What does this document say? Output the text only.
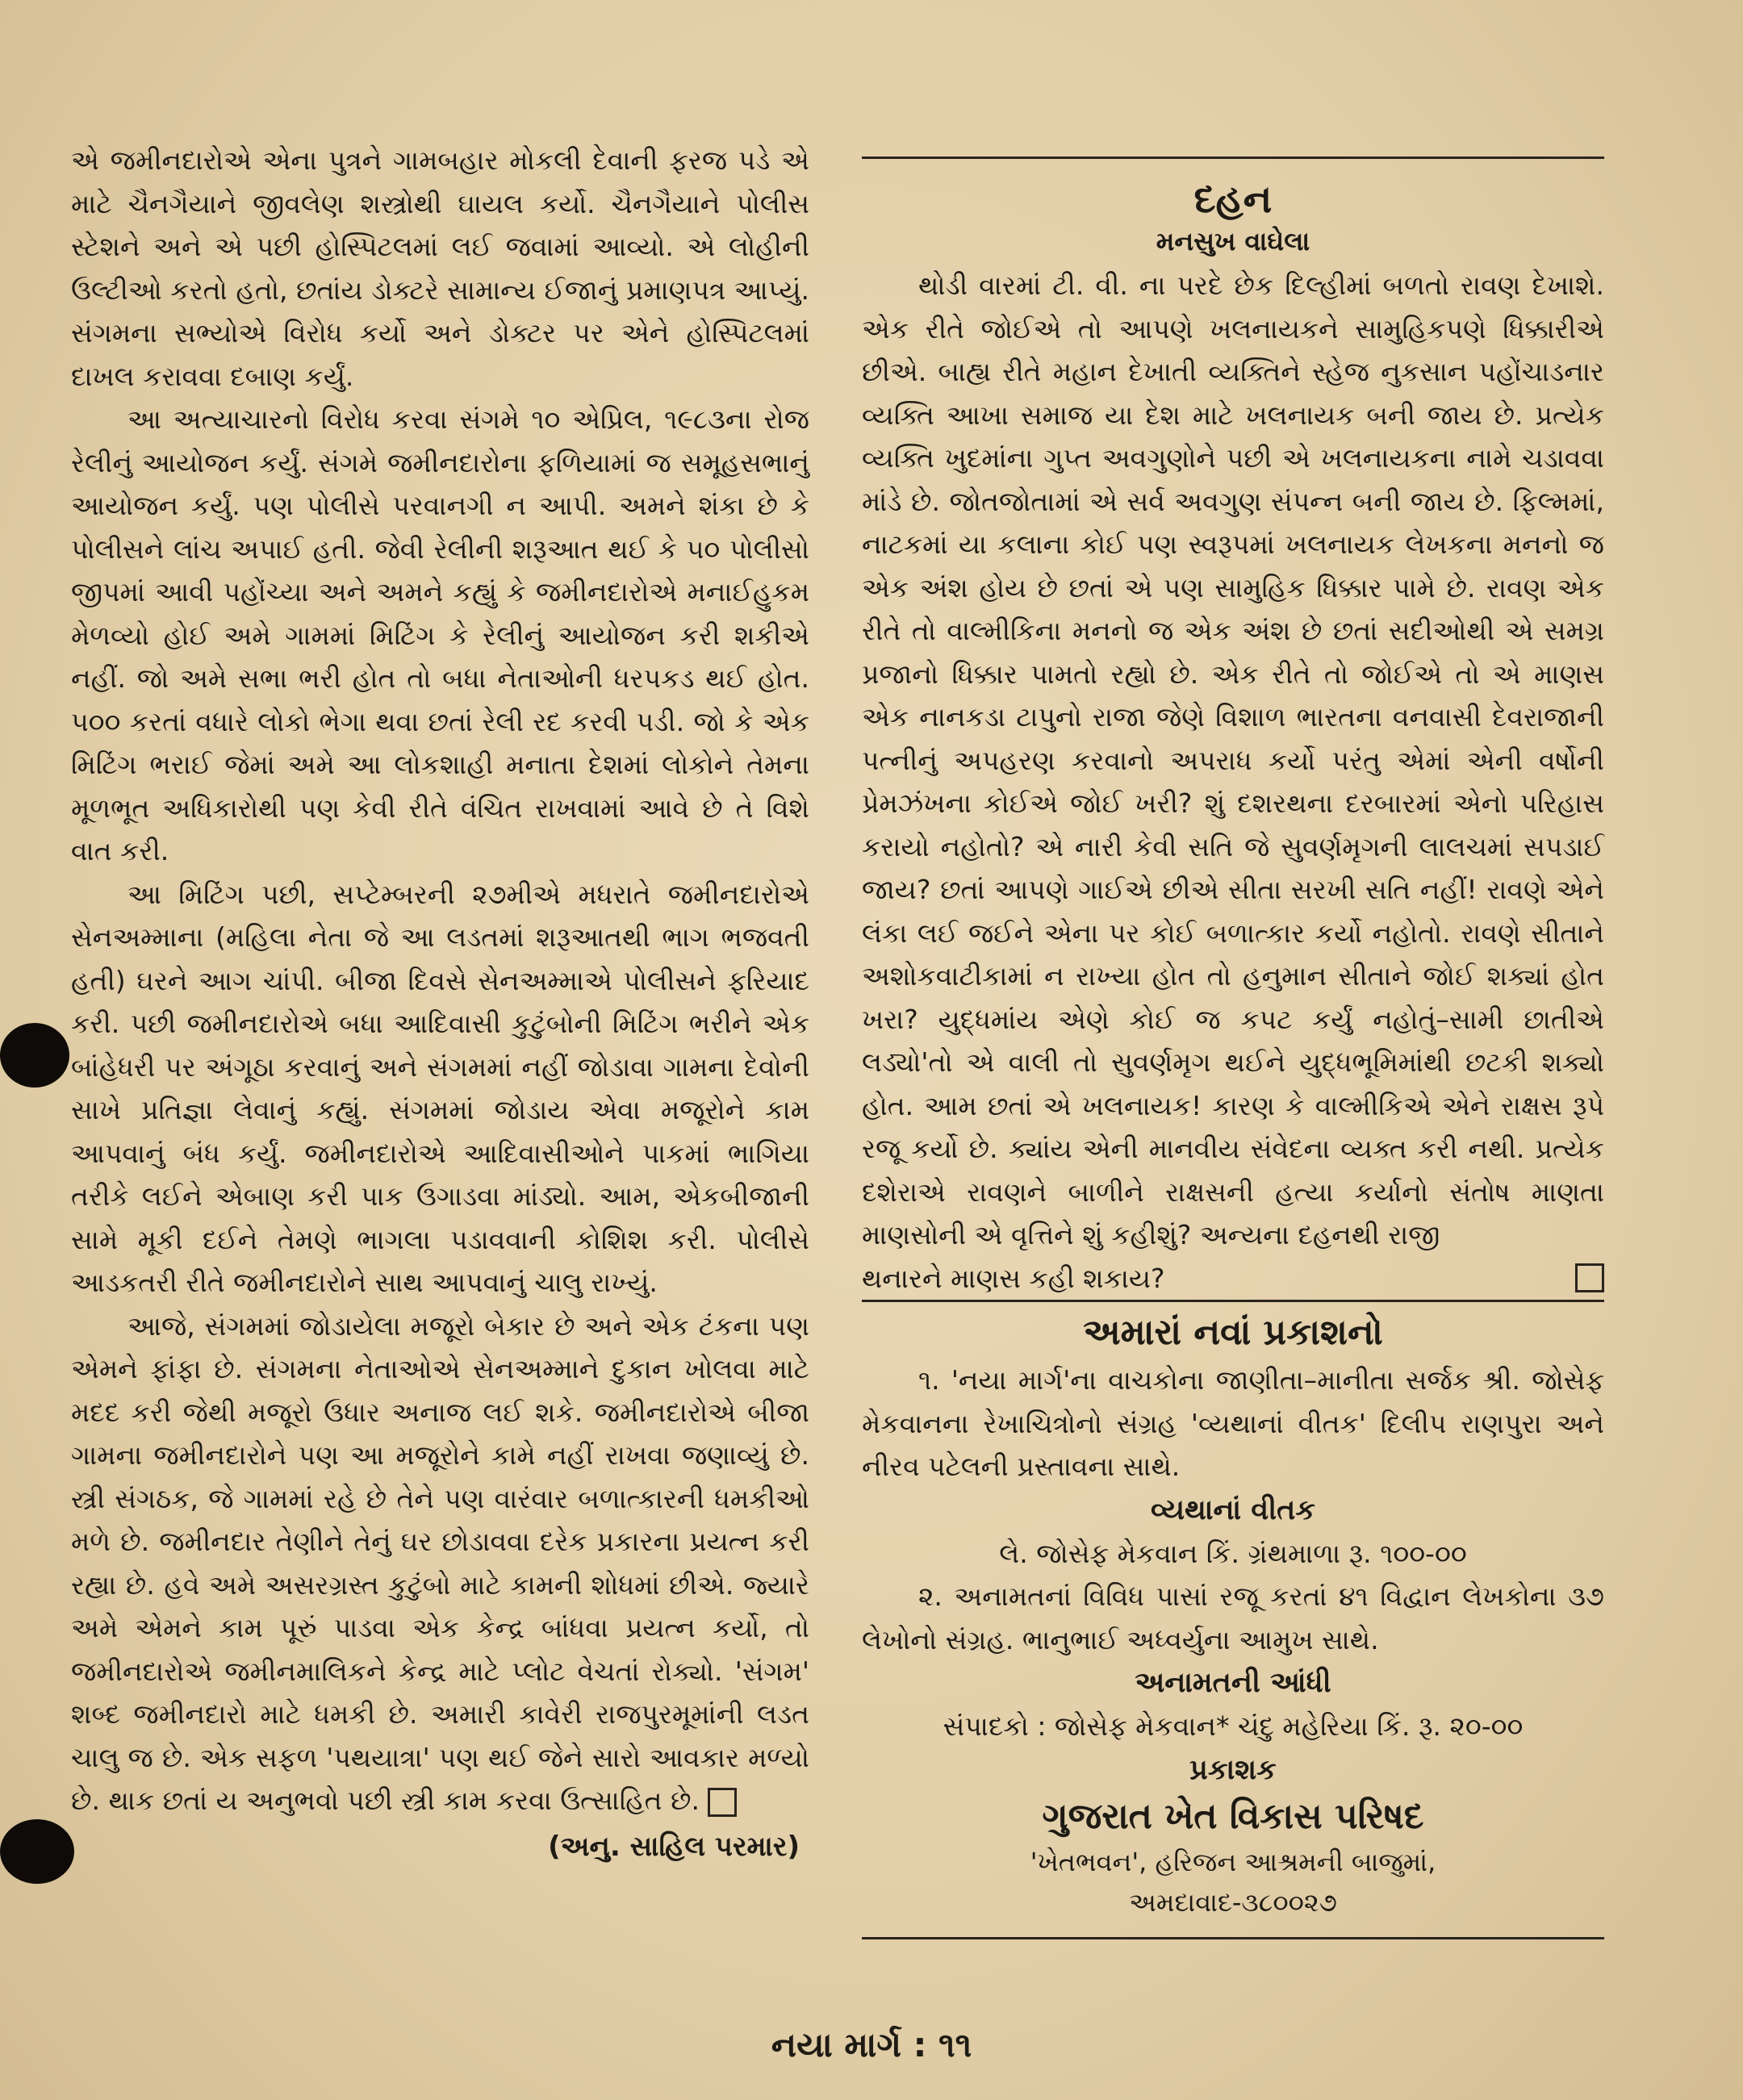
એ જમીનદારોએ એના પુત્રને ગામબહાર મોકલી દેવાની ફરજ પડે એ માટે ચૈનગૈયાને જીવલેણ શસ્ત્રોથી ઘાયલ કર્યો. ચૈનગૈયાને પોલીસ સ્ટેશને અને એ પછી હોસ્પિટલમાં લઈ જવામાં આવ્યો. એ લોહીની ઉલ્ટીઓ કરતો હતો, છતાંય ડોક્ટરે સામાન્ય ઈજાનું પ્રમાણપત્ર આપ્યું. સંગમના સભ્યોએ વિરોધ કર્યો અને ડોક્ટર પર એને હોસ્પિટલમાં દાખલ કરાવવા દબાણ કર્યું.

આ અત્યાચારનો વિરોધ કરવા સંગમે ૧૦ એપ્રિલ, ૧૯૮૩ના રોજ રેલીનું આયોજન કર્યું. સંગમે જમીનદારોના ફળિયામાં જ સમૂહસભાનું આયોજન કર્યું. પણ પોલીસે પરવાનગી ન આપી. અમને શંકા છે કે પોલીસને લાંચ અપાઈ હતી. જેવી રેલીની શરૂઆત થઈ કે ૫૦ પોલીસો જીપમાં આવી પહોંચ્યા અને અમને કહ્યું કે જમીનદારોએ મનાઈહુકમ મેળવ્યો હોઈ અમે ગામમાં મિટિંગ કે રેલીનું આયોજન કરી શકીએ નહીં. જો અમે સભા ભરી હોત તો બધા નેતાઓની ધરપકડ થઈ હોત. ૫૦૦ કરતાં વધારે લોકો ભેગા થવા છતાં રેલી રદ કરવી પડી. જો કે એક મિટિંગ ભરાઈ જેમાં અમે આ લોકશાહી મનાતા દેશમાં લોકોને તેમના મૂળભૂત અધિકારોથી પણ કેવી રીતે વંચિત રાખવામાં આવે છે તે વિશે વાત કરી.

આ મિટિંગ પછી, સપ્ટેમ્બરની ૨૭મીએ મધરાતે જમીનદારોએ સેનઅમ્માના (મહિલા નેતા જે આ લડતમાં શરૂઆતથી ભાગ ભજવતી હતી) ઘરને આગ ચાંપી. બીજા દિવસે સેનઅમ્માએ પોલીસને ફરિયાદ કરી. પછી જમીનદારોએ બધા આદિવાસી કુટુંબોની મિટિંગ ભરીને એક બાંહેધરી પર અંગૂઠા કરવાનું અને સંગમમાં નહીં જોડાવા ગામના દેવોની સાખે પ્રતિજ્ઞા લેવાનું કહ્યું. સંગમમાં જોડાય એવા મજૂરોને કામ આપવાનું બંધ કર્યું. જમીનદારોએ આદિવાસીઓને પાકમાં ભાગિયા તરીકે લઈને એબાણ કરી પાક ઉગાડવા માંડ્યો. આમ, એકબીજાની સામે મૂકી દઈને તેમણે ભાગલા પડાવવાની કોશિશ કરી. પોલીસે આડકતરી રીતે જમીનદારોને સાથ આપવાનું ચાલુ રાખ્યું.

આજે, સંગમમાં જોડાયેલા મજૂરો બેકાર છે અને એક ટંકના પણ એમને ફાંફા છે. સંગમના નેતાઓએ સેનઅમ્માને દુકાન ખોલવા માટે મદદ કરી જેથી મજૂરો ઉધાર અનાજ લઈ શકે. જમીનદારોએ બીજા ગામના જમીનદારોને પણ આ મજૂરોને કામે નહીં રાખવા જણાવ્યું છે. સ્ત્રી સંગઠક, જે ગામમાં રહે છે તેને પણ વારંવાર બળાત્કારની ધમકીઓ મળે છે. જમીનદાર તેણીને તેનું ઘર છોડાવવા દરેક પ્રકારના પ્રયત્ન કરી રહ્યા છે. હવે અમે અસરગ્રસ્ત કુટુંબો માટે કામની શોધમાં છીએ. જ્યારે અમે એમને કામ પૂરું પાડવા એક કેન્દ્ર બાંધવા પ્રયત્ન કર્યો, તો જમીનદારોએ જમીનમાલિકને કેન્દ્ર માટે પ્લોટ વેચતાં રોક્યો. 'સંગમ' શબ્દ જમીનદારો માટે ધમકી છે. અમારી કાવેરી રાજપુરમૂમાંની લડત ચાલુ જ છે. એક સફળ 'પથયાત્રા' પણ થઈ જેને સારો આવકાર મળ્યો છે. થાક છતાં ય અનુભવો પછી સ્ત્રી કામ કરવા ઉત્સાહિત છે.

(અનુ. સાહિલ પરમાર)
દહન
મનસુખ વાઘેલા

થોડી વારમાં ટી. વી. ના પરદે છેક દિલ્હીમાં બળતો રાવણ દેખાશે. એક રીતે જોઈએ તો આપણે ખલનાયકને સામુહિકપણે ધિક્કારીએ છીએ. બાહ્ય રીતે મહાન દેખાતી વ્યક્તિને સ્હેજ નુકસાન પહોંચાડનાર વ્યક્તિ આખા સમાજ યા દેશ માટે ખલનાયક બની જાય છે. પ્રત્યેક વ્યક્તિ ખુદમાંના ગુપ્ત અવગુણોને પછી એ ખલનાયકના નામે ચડાવવા માંડે છે. જોતજોતામાં એ સર્વ અવગુણ સંપન્ન બની જાય છે. ફિલ્મમાં, નાટકમાં યા કલાના કોઈ પણ સ્વરૂપમાં ખલનાયક લેખકના મનનો જ એક અંશ હોય છે છતાં એ પણ સામુહિક ધિક્કાર પામે છે. રાવણ એક રીતે તો વાલ્મીકિના મનનો જ એક અંશ છે છતાં સદીઓથી એ સમગ્ર પ્રજાનો ધિક્કાર પામતો રહ્યો છે. એક રીતે તો જોઈએ તો એ માણસ એક નાનકડા ટાપુનો રાજા જેણે વિશાળ ભારતના વનવાસી દેવરાજાની પત્નીનું અપહરણ કરવાનો અપરાધ કર્યો પરંતુ એમાં એની વર્ષોની પ્રેમઝંખના કોઈએ જોઈ ખરી? શું દશરથના દરબારમાં એનો પરિહાસ કરાયો નહોતો? એ નારી કેવી સતિ જે સુવર્ણમૃગની લાલચમાં સપડાઈ જાય? છતાં આપણે ગાઈએ છીએ સીતા સરખી સતિ નહીં! રાવણે એને લંકા લઈ જઈને એના પર કોઈ બળાત્કાર કર્યો નહોતો. રાવણે સીતાને અશોકવાટીકામાં ન રાખ્યા હોત તો હનુમાન સીતાને જોઈ શક્યાં હોત ખરા? યુદ્ધમાંય એણે કોઈ જ કપટ કર્યું નહોતું–સામી છાતીએ લડ્યો'તો એ વાલી તો સુવર્ણમૃગ થઈને યુદ્ધભૂમિમાંથી છટકી શક્યો હોત. આમ છતાં એ ખલનાયક! કારણ કે વાલ્મીકિએ એને રાક્ષસ રૂપે રજૂ કર્યો છે. ક્યાંય એની માનવીય સંવેદના વ્યક્ત કરી નથી. પ્રત્યેક દશેરાએ રાવણને બાળીને રાક્ષસની હત્યા કર્યાનો સંતોષ માણતા માણસોની એ વૃત્તિને શું કહીશું? અન્યના દહનથી રાજી

થનારને માણસ કહી શકાય?

અમારાં નવાં પ્રકાશનો

૧. 'નયા માર્ગ'ના વાચકોના જાણીતા–માનીતા સર્જક શ્રી. જોસેફ મેકવાનના રેખાચિત્રોનો સંગ્રહ 'વ્યથાનાં વીતક' દિલીપ રાણપુરા અને નીરવ પટેલની પ્રસ્તાવના સાથે.

વ્યથાનાં વીતક

લે. જોસેફ મેકવાન કિં. ગ્રંથમાળા રૂ. ૧૦૦-૦૦

૨. અનામતનાં વિવિધ પાસાં રજૂ કરતાં ૪૧ વિદ્વાન લેખકોના ૩૭ લેખોનો સંગ્રહ. ભાનુભાઈ અધ્વર્યુના આમુખ સાથે.

અનામતની આંધી

સંપાદકો : જોસેફ મેકવાન* ચંદુ મહેરિયા કિં. રૂ. ૨૦-૦૦

પ્રકાશક
ગુજરાત ખેત વિકાસ પરિષદ
'ખેતભવન', હરિજન આશ્રમની બાજુમાં,
અમદાવાદ-૩૮૦૦૨૭
નયા માર્ગ : ૧૧
